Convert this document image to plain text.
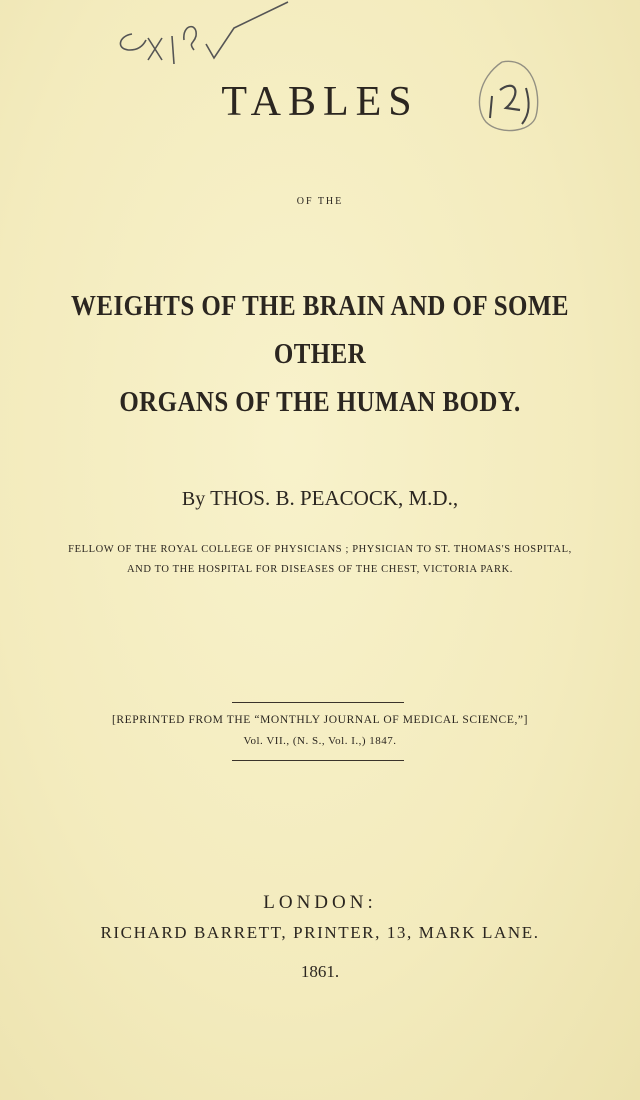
TABLES
OF THE
WEIGHTS OF THE BRAIN AND OF SOME OTHER
ORGANS OF THE HUMAN BODY.
By THOS. B. PEACOCK, M.D.,
FELLOW OF THE ROYAL COLLEGE OF PHYSICIANS ; PHYSICIAN TO ST. THOMAS'S HOSPITAL,
AND TO THE HOSPITAL FOR DISEASES OF THE CHEST, VICTORIA PARK.
[REPRINTED FROM THE “MONTHLY JOURNAL OF MEDICAL SCIENCE,”]
Vol. VII., (N. S., Vol. I.,) 1847.
LONDON:
RICHARD BARRETT, PRINTER, 13, MARK LANE.
1861.
